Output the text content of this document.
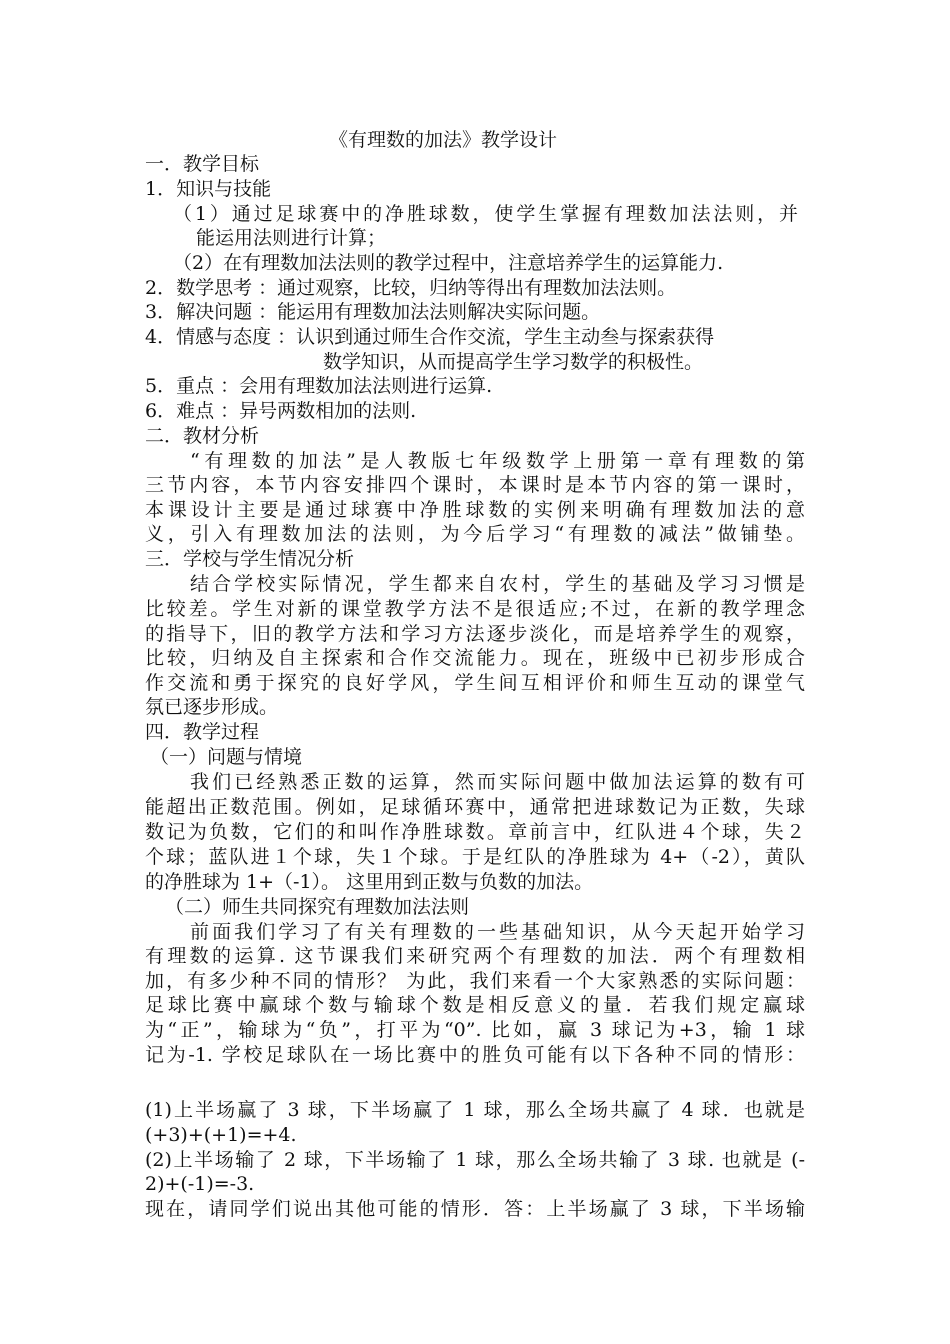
《有理数的加法》教学设计
一．教学目标
1．知识与技能
（1）通过足球赛中的净胜球数，使学生掌握有理数加法法则，并
能运用法则进行计算；
（2）在有理数加法法则的教学过程中，注意培养学生的运算能力.
2．数学思考 ：通过观察，比较，归纳等得出有理数加法法则。
3．解决问题 ：能运用有理数加法法则解决实际问题。
4．情感与态度 ：认识到通过师生合作交流，学生主动叁与探索获得
数学知识，从而提高学生学习数学的积极性。
5．重点 ：会用有理数加法法则进行运算.
6．难点 ：异号两数相加的法则.
二．教材分析
“有理数的加法”是人教版七年级数学上册第一章有理数的第
三节内容，本节内容安排四个课时，本课时是本节内容的第一课时，
本课设计主要是通过球赛中净胜球数的实例来明确有理数加法的意
义，引入有理数加法的法则，为今后学习“有理数的减法”做铺垫。
三．学校与学生情况分析
结合学校实际情况，学生都来自农村，学生的基础及学习习惯是
比较差。学生对新的课堂教学方法不是很适应;不过，在新的教学理念
的指导下，旧的教学方法和学习方法逐步淡化，而是培养学生的观察，
比较，归纳及自主探索和合作交流能力。现在，班级中已初步形成合
作交流和勇于探究的良好学风，学生间互相评价和师生互动的课堂气
氛已逐步形成。
四．教学过程
（一）问题与情境
我们已经熟悉正数的运算，然而实际问题中做加法运算的数有可
能超出正数范围。例如，足球循环赛中，通常把进球数记为正数，失球
数记为负数，它们的和叫作净胜球数。章前言中，红队进４个球，失２
个球；蓝队进１个球，失１个球。于是红队的净胜球为 4+（-2），黄队
的净胜球为 1+（-1）。 这里用到正数与负数的加法。
（二）师生共同探究有理数加法法则
前面我们学习了有关有理数的一些基础知识，从今天起开始学习
有理数的运算. 这节课我们来研究两个有理数的加法．两个有理数相
加，有多少种不同的情形？ 为此，我们来看一个大家熟悉的实际问题：
足球比赛中赢球个数与输球个数是相反意义的量．若我们规定赢球
为“正”，输球为“负”，打平为“0”. 比如，赢 3 球记为+3，输 1 球
记为-1. 学校足球队在一场比赛中的胜负可能有以下各种不同的情形：
(1)上半场赢了 3 球，下半场赢了 1 球，那么全场共赢了 4 球．也就是
(+3)+(+1)=+4.
(2)上半场输了 2 球，下半场输了 1 球，那么全场共输了 3 球. 也就是 (-
2)+(-1)=-3.
现在，请同学们说出其他可能的情形．答：上半场赢了 3 球，下半场输
